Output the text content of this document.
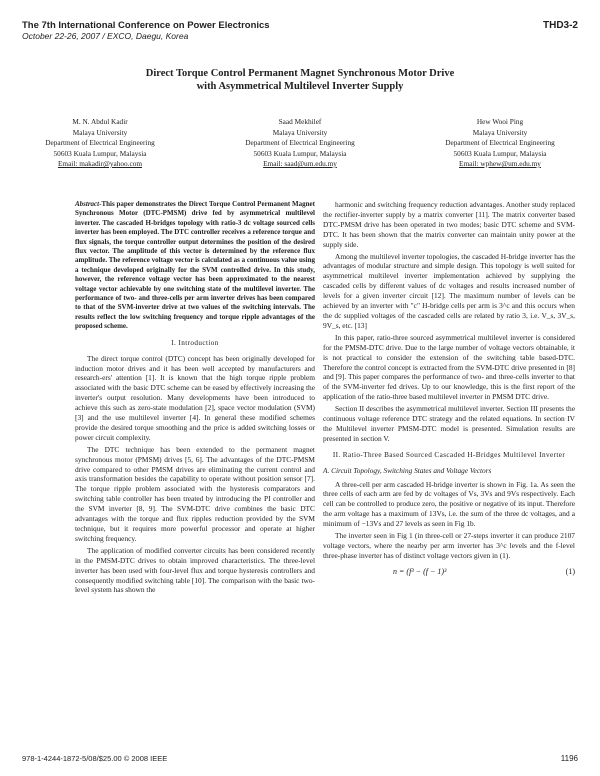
The 7th International Conference on Power Electronics
October 22-26, 2007 / EXCO, Daegu, Korea
THD3-2
Direct Torque Control Permanent Magnet Synchronous Motor Drive
with Asymmetrical Multilevel Inverter Supply
M. N. Abdul Kadir
Malaya University
Department of Electrical Engineering
50603 Kuala Lumpur, Malaysia
Email: makadir@yahoo.com
Saad Mekhilef
Malaya University
Department of Electrical Engineering
50603 Kuala Lumpur, Malaysia
Email: saad@um.edu.my
Hew Wooi Ping
Malaya University
Department of Electrical Engineering
50603 Kuala Lumpur, Malaysia
Email: wphew@um.edu.my

Abstract-This paper demonstrates the Direct Torque Control Permanent Magnet Synchronous Motor (DTC-PMSM) drive fed by asymmetrical multilevel inverter. The cascaded H-bridges topology with ratio-3 dc voltage sourced cells inverter has been employed. The DTC controller receives a reference torque and flux signals, the torque controller output determines the position of the desired flux vector. The amplitude of this vector is determined by the reference flux amplitude. The reference voltage vector is calculated as a continuous value using a technique developed originally for the SVM controlled drive. In this study, however, the reference voltage vector has been approximated to the nearest voltage vector achievable by one switching state of the multilevel inverter. The performance of two- and three-cells per arm inverter drives has been compared to that of the SVM-inverter drive at two values of the switching intervals. The results reflect the low switching frequency and torque ripple advantages of the proposed scheme.

I. Introduction

The direct torque control (DTC) concept has been originally developed for induction motor drives and it has been well accepted by manufacturers and research-ers' attention [1]. It is known that the high torque ripple problem associated with the basic DTC scheme can be eased by effectively increasing the inverter's output resolution. Many developments have been introduced to achieve this such as zero-state modulation [2], space vector modulation (SVM) [3] and the use multilevel inverter [4]. In general these modified schemes provide the desired torque smoothing and the price is added switching losses or power circuit complexity.

The DTC technique has been extended to the permanent magnet synchronous motor (PMSM) drives [5, 6]. The advantages of the DTC-PMSM drive compared to other PMSM drives are eliminating the current control and axis transformation besides the capability to operate without position sensor [7]. The torque ripple problem associated with the hysteresis comparators and switching table controller has been treated by introducing the PI controller and the SVM inverter [8, 9]. The SVM-DTC drive combines the basic DTC advantages with the torque and flux ripples reduction provided by the SVM technique, but it requires more powerful processor and operate at higher switching frequency.

The application of modified converter circuits has been considered recently in the PMSM-DTC drives to obtain improved characteristics. The three-level inverter has been used with four-level flux and torque hysteresis controllers and consequently modified switching table [10]. The comparison with the basic two-level system has shown the

harmonic and switching frequency reduction advantages. Another study replaced the rectifier-inverter supply by a matrix converter [11]. The matrix converter based DTC-PMSM drive has been operated in two modes; basic DTC scheme and SVM-DTC. It has been shown that the matrix converter can maintain unity power at the supply side.

Among the multilevel inverter topologies, the cascaded H-bridge inverter has the advantages of modular structure and simple design. This topology is well suited for asymmetrical multilevel inverter implementation achieved by supplying the cascaded cells by different values of dc voltages and results increased number of levels for a given inverter circuit [12]. The maximum number of levels can be achieved by an inverter with "c" H-bridge cells per arm is 3^c and this occurs when the dc supplied voltages of the cascaded cells are related by ratio 3, i.e. V_s, 3V_s, 9V_s, etc. [13]

In this paper, ratio-three sourced asymmetrical multilevel inverter is considered for the PMSM-DTC drive. Due to the large number of voltage vectors obtainable, it is not practical to consider the extension of the switching table based-DTC. Therefore the control concept is extracted from the SVM-DTC drive presented in [8] and [9]. This paper compares the performance of two- and three-cells inverter to that of the SVM-inverter fed drives. Up to our knowledge, this is the first report of the application of the ratio-three based multilevel inverter in PMSM DTC drive.

Section II describes the asymmetrical multilevel inverter. Section III presents the continuous voltage reference DTC strategy and the related equations. In section IV the Multilevel inverter PMSM-DTC model is presented. Simulation results are presented in section V.

II. Ratio-Three Based Sourced Cascaded H-Bridges Multilevel Inverter
A. Circuit Topology, Switching States and Voltage Vectors

A three-cell per arm cascaded H-bridge inverter is shown in Fig. 1a. As seen the three cells of each arm are fed by dc voltages of Vs, 3Vs and 9Vs respectively. Each cell can be controlled to produce zero, the positive or negative of its input. Therefore the arm voltage has a maximum of 13Vs, i.e. the sum of the three dc voltages, and a minimum of −13Vs and 27 levels as seen in Fig 1b.

The inverter seen in Fig 1 (in three-cell or 27-steps inverter it can produce 2107 voltage vectors, where the nearby per arm inverter has 3^c levels and the f-level three-phase inverter has of distinct voltage vectors given in (1).

n = (f³ − (f − 1)³	(1)
978-1-4244-1872-5/08/$25.00 © 2008 IEEE	1196
